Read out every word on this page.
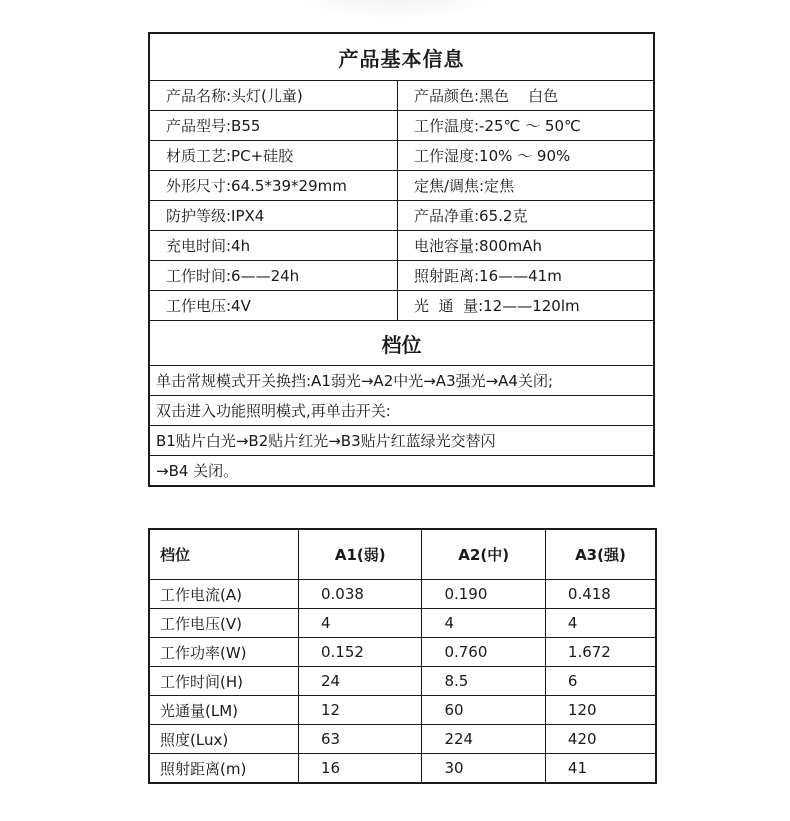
产品基本信息
产品名称:头灯(儿童)	产品颜色:黑色    白色
产品型号:B55	工作温度:-25℃ ～ 50℃
材质工艺:PC+硅胶	工作湿度:10% ～ 90%
外形尺寸:64.5*39*29mm	定焦/调焦:定焦
防护等级:IPX4	产品净重:65.2克
充电时间:4h	电池容量:800mAh
工作时间:6——24h	照射距离:16——41m
工作电压:4V	光  通  量:12——120lm
档位
单击常规模式开关换挡:A1弱光→A2中光→A3强光→A4关闭;
双击进入功能照明模式,再单击开关:
B1贴片白光→B2贴片红光→B3贴片红蓝绿光交替闪
→B4 关闭。
档位	A1(弱)	A2(中)	A3(强)
工作电流(A)	0.038	0.190	0.418
工作电压(V)	4	4	4
工作功率(W)	0.152	0.760	1.672
工作时间(H)	24	8.5	6
光通量(LM)	12	60	120
照度(Lux)	63	224	420
照射距离(m)	16	30	41
